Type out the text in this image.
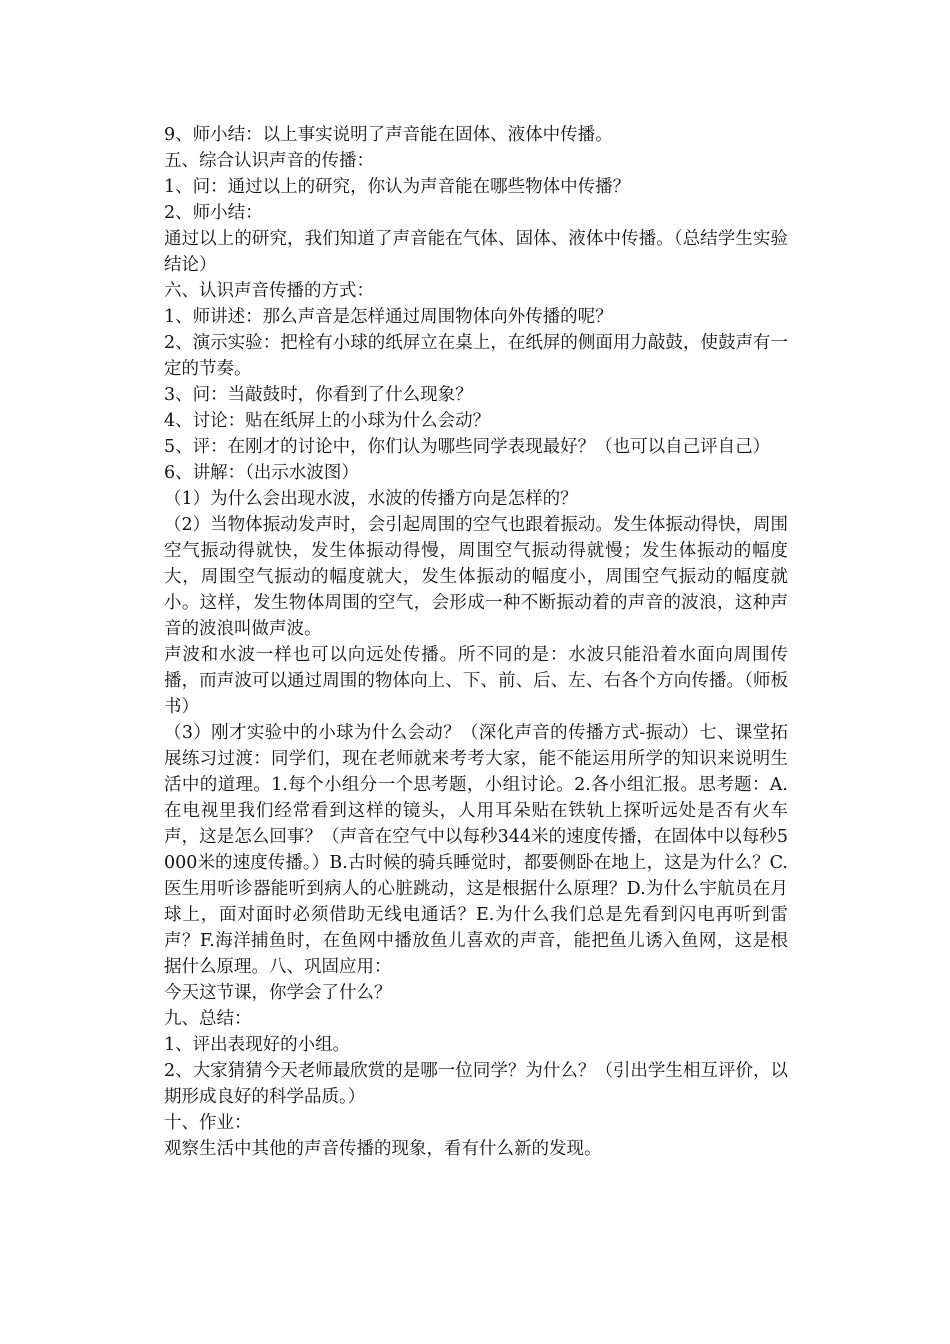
9、师小结：以上事实说明了声音能在固体、液体中传播。

五、综合认识声音的传播：

1、问：通过以上的研究，你认为声音能在哪些物体中传播？

2、师小结：

通过以上的研究，我们知道了声音能在气体、固体、液体中传播。（总结学生实验结论）

六、认识声音传播的方式：

1、师讲述：那么声音是怎样通过周围物体向外传播的呢？

2、演示实验：把栓有小球的纸屏立在桌上，在纸屏的侧面用力敲鼓，使鼓声有一定的节奏。

3、问：当敲鼓时，你看到了什么现象？

4、讨论：贴在纸屏上的小球为什么会动？

5、评：在刚才的讨论中，你们认为哪些同学表现最好？（也可以自己评自己）

6、讲解：（出示水波图）

（1）为什么会出现水波，水波的传播方向是怎样的？

（2）当物体振动发声时，会引起周围的空气也跟着振动。发生体振动得快，周围空气振动得就快，发生体振动得慢，周围空气振动得就慢；发生体振动的幅度大，周围空气振动的幅度就大，发生体振动的幅度小，周围空气振动的幅度就小。这样，发生物体周围的空气，会形成一种不断振动着的声音的波浪，这种声音的波浪叫做声波。

声波和水波一样也可以向远处传播。所不同的是：水波只能沿着水面向周围传播，而声波可以通过周围的物体向上、下、前、后、左、右各个方向传播。（师板书）

（3）刚才实验中的小球为什么会动？（深化声音的传播方式-振动）七、课堂拓展练习过渡：同学们，现在老师就来考考大家，能不能运用所学的知识来说明生活中的道理。1.每个小组分一个思考题，小组讨论。2.各小组汇报。思考题：A.在电视里我们经常看到这样的镜头，人用耳朵贴在铁轨上探听远处是否有火车声，这是怎么回事？（声音在空气中以每秒344米的速度传播，在固体中以每秒5000米的速度传播。）B.古时候的骑兵睡觉时，都要侧卧在地上，这是为什么？C.医生用听诊器能听到病人的心脏跳动，这是根据什么原理？D.为什么宇航员在月球上，面对面时必须借助无线电通话？E.为什么我们总是先看到闪电再听到雷声？F.海洋捕鱼时，在鱼网中播放鱼儿喜欢的声音，能把鱼儿诱入鱼网，这是根据什么原理。八、巩固应用：

今天这节课，你学会了什么？

九、总结：

1、评出表现好的小组。

2、大家猜猜今天老师最欣赏的是哪一位同学？为什么？（引出学生相互评价，以期形成良好的科学品质。）

十、作业：

观察生活中其他的声音传播的现象，看有什么新的发现。
